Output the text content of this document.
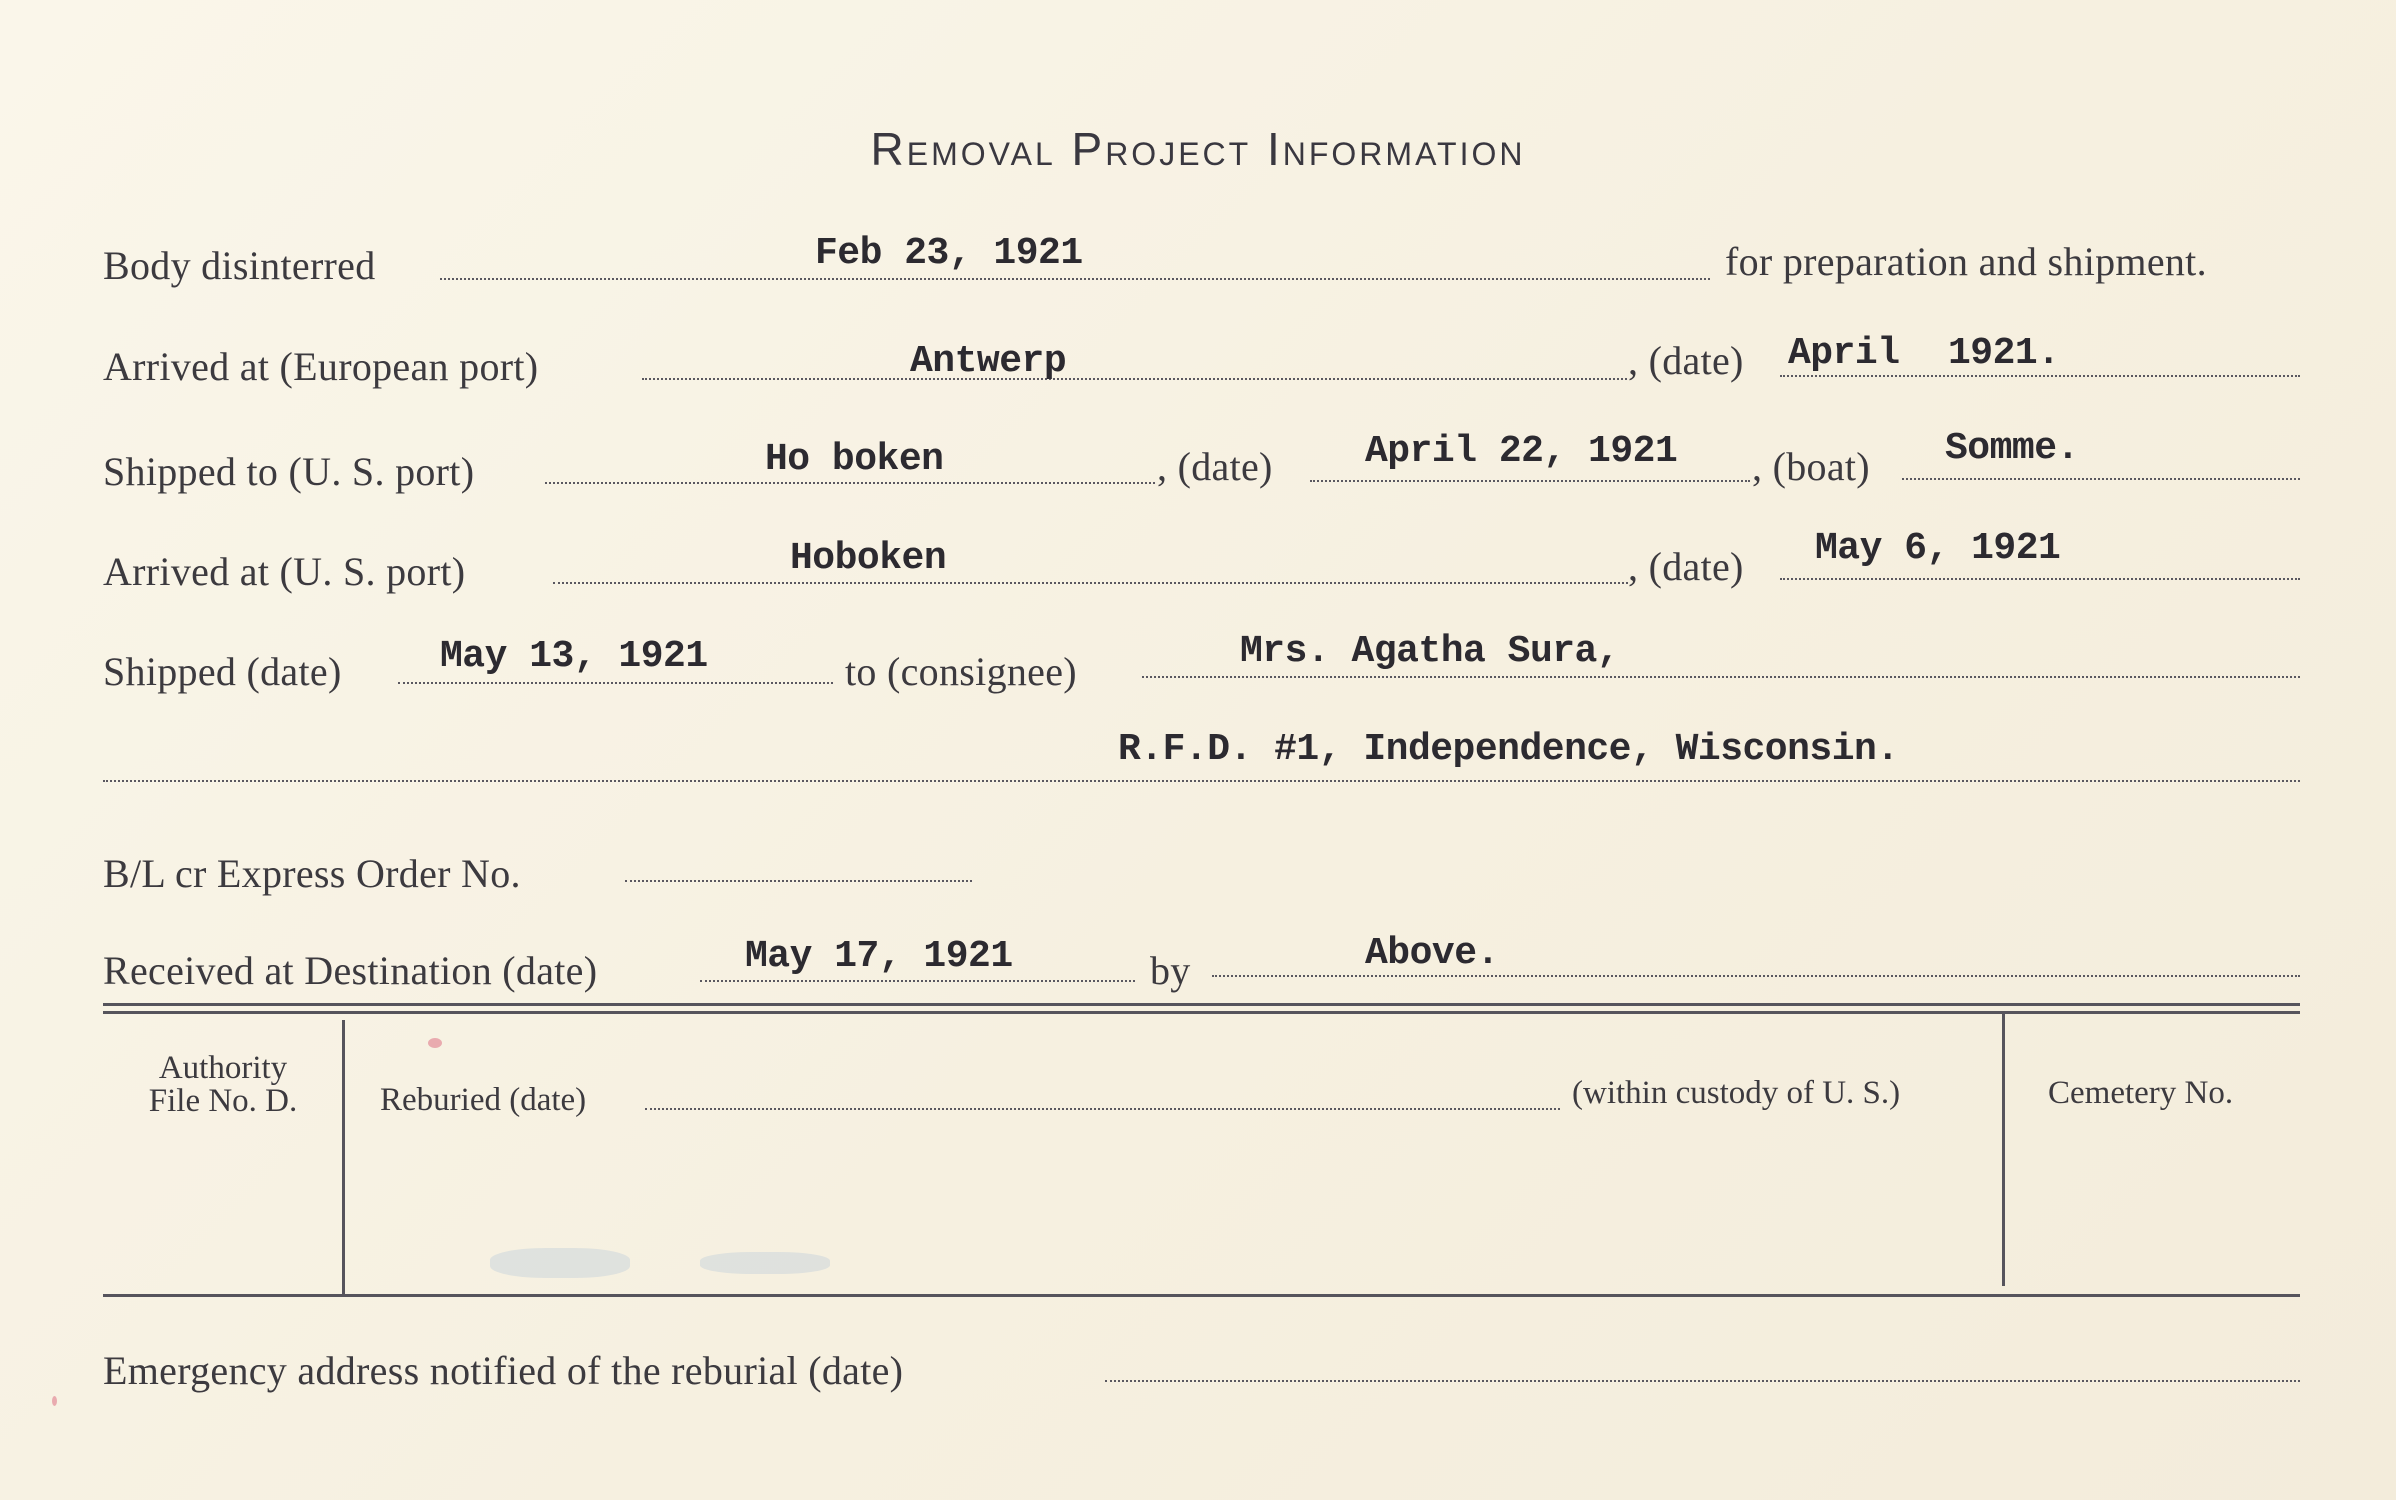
Removal Project Information
Body disinterred	Feb 23, 1921	for preparation and shipment.
Arrived at (European port)	Antwerp	, (date) April 1921.
Shipped to (U. S. port)	Ho boken	, (date) April 22, 1921 , (boat) Somme.
Arrived at (U. S. port)	Hoboken	, (date) May 6, 1921
Shipped (date)	May 13, 1921	to (consignee)	Mrs. Agatha Sura,
R.F.D. #1, Independence, Wisconsin.
B/L cr Express Order No.
Received at Destination (date)	May 17, 1921	by	Above.
Authority
File No. D.	Reburied (date)	(within custody of U. S.)	Cemetery No.
Emergency address notified of the reburial (date)
